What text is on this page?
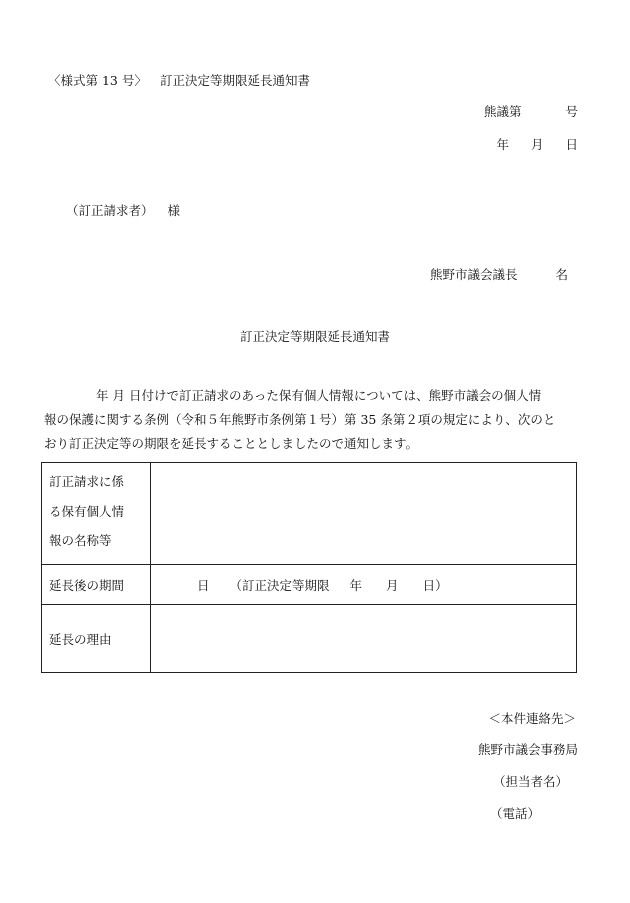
〈様式第 13 号〉 訂正決定等期限延長通知書
熊議第	号
年 月 日
（訂正請求者） 様
熊野市議会議長	名
訂正決定等期限延長通知書
年 月 日付けで訂正請求のあった保有個人情報については、熊野市議会の個人情
報の保護に関する条例（令和５年熊野市条例第１号）第 35 条第２項の規定により、次のと
おり訂正決定等の期限を延長することとしましたので通知します。
訂正請求に係
る保有個人情
報の名称等	

延長後の期間	日 （訂正決定等期限 年 月 日）

延長の理由	
＜本件連絡先＞
熊野市議会事務局
（担当者名）
（電話）
